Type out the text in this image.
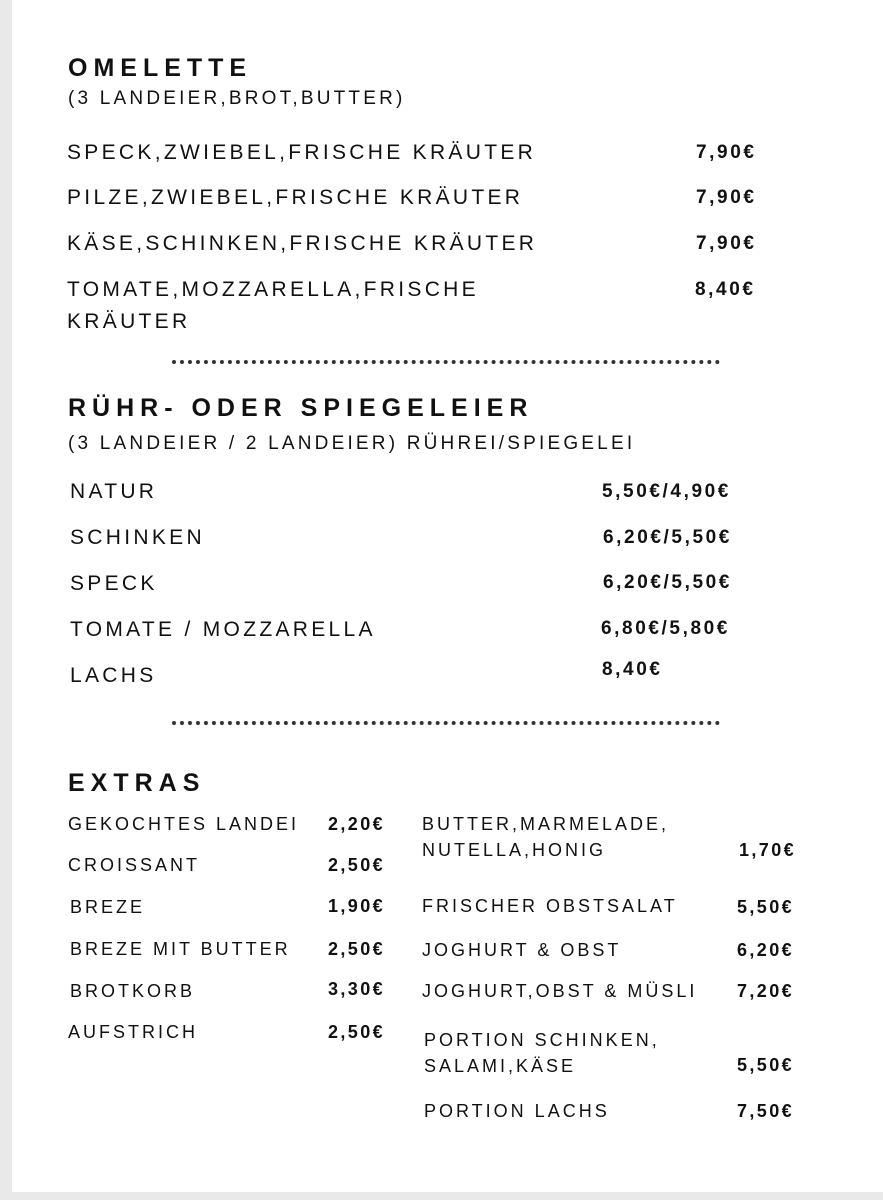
OMELETTE
(3 LANDEIER,BROT,BUTTER)
SPECK,ZWIEBEL,FRISCHE KRÄUTER	7,90€
PILZE,ZWIEBEL,FRISCHE KRÄUTER	7,90€
KÄSE,SCHINKEN,FRISCHE KRÄUTER	7,90€
TOMATE,MOZZARELLA,FRISCHE
KRÄUTER
8,40€
RÜHR- ODER SPIEGELEIER
(3 LANDEIER / 2 LANDEIER) RÜHREI/SPIEGELEI
NATUR	5,50€/4,90€
SCHINKEN	6,20€/5,50€
SPECK	6,20€/5,50€
TOMATE / MOZZARELLA	6,80€/5,80€
LACHS	8,40€
EXTRAS
GEKOCHTES LANDEI 2,20€
CROISSANT	2,50€
BREZE	1,90€
BREZE MIT BUTTER 2,50€
BROTKORB	3,30€
AUFSTRICH	2,50€
BUTTER,MARMELADE,
NUTELLA,HONIG	1,70€
FRISCHER OBSTSALAT	5,50€
JOGHURT & OBST	6,20€
JOGHURT,OBST & MÜSLI 7,20€
PORTION SCHINKEN,
SALAMI,KÄSE	5,50€
PORTION LACHS	7,50€
